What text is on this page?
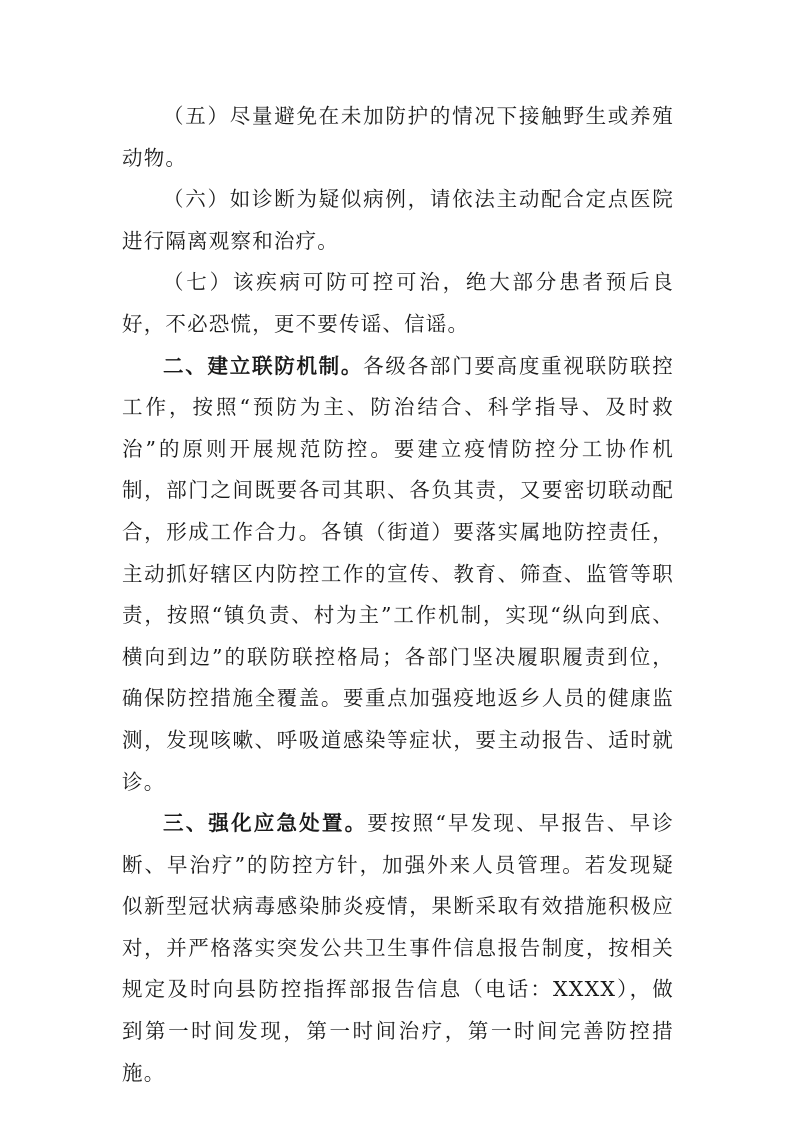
（五）尽量避免在未加防护的情况下接触野生或养殖动物。

（六）如诊断为疑似病例，请依法主动配合定点医院进行隔离观察和治疗。

（七）该疾病可防可控可治，绝大部分患者预后良好，不必恐慌，更不要传谣、信谣。

二、建立联防机制。各级各部门要高度重视联防联控工作，按照“预防为主、防治结合、科学指导、及时救治”的原则开展规范防控。要建立疫情防控分工协作机制，部门之间既要各司其职、各负其责，又要密切联动配合，形成工作合力。各镇（街道）要落实属地防控责任，主动抓好辖区内防控工作的宣传、教育、筛查、监管等职责，按照“镇负责、村为主”工作机制，实现“纵向到底、横向到边”的联防联控格局；各部门坚决履职履责到位，确保防控措施全覆盖。要重点加强疫地返乡人员的健康监测，发现咳嗽、呼吸道感染等症状，要主动报告、适时就诊。

三、强化应急处置。要按照“早发现、早报告、早诊断、早治疗”的防控方针，加强外来人员管理。若发现疑似新型冠状病毒感染肺炎疫情，果断采取有效措施积极应对，并严格落实突发公共卫生事件信息报告制度，按相关规定及时向县防控指挥部报告信息（电话：XXXX），做到第一时间发现，第一时间治疗，第一时间完善防控措施。
